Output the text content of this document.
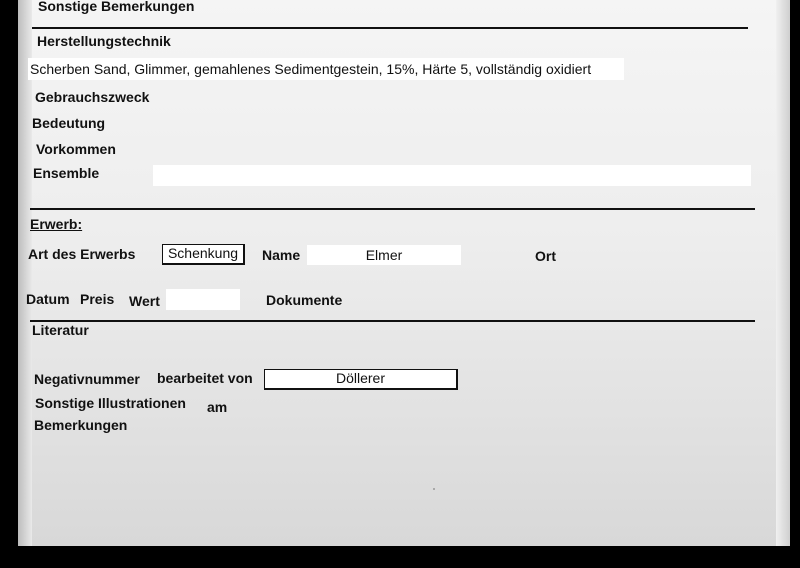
Sonstige Bemerkungen
Herstellungstechnik
Scherben Sand, Glimmer, gemahlenes Sedimentgestein, 15%, Härte 5, vollständig oxidiert
Gebrauchszweck
Bedeutung
Vorkommen
Ensemble
Erwerb:
Art des Erwerbs	Schenkung	Name	Elmer	Ort
Datum Preis Wert	Dokumente
Literatur
Negativnummer bearbeitet von	Döllerer
Sonstige Illustrationen am
Bemerkungen
